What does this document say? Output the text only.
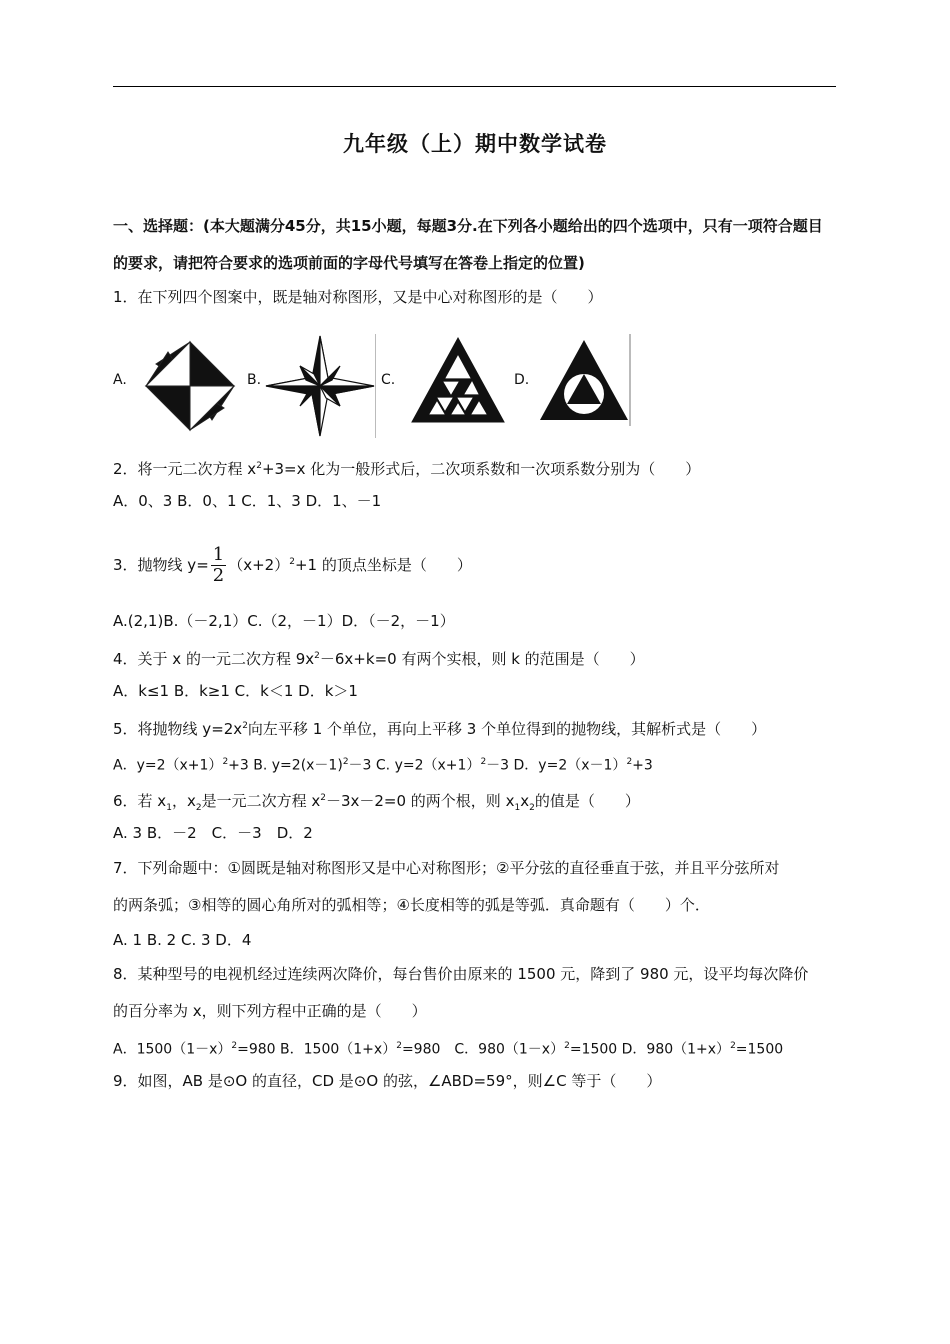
九年级（上）期中数学试卷
一、选择题：(本大题满分45分，共15小题，每题3分.在下列各小题给出的四个选项中，只有一项符合题目的要求，请把符合要求的选项前面的字母代号填写在答卷上指定的位置)
1．在下列四个图案中，既是轴对称图形，又是中心对称图形的是（　　）
A.	B.	C.	D.
2．将一元二次方程 $x^2+3=x$ 化为一般形式后，二次项系数和一次项系数分别为（　　）
A．0、3 B．0、1 C．1、3 D．1、－1
3．抛物线 $y= \frac{1}{2} (x+2)^2+1$ 的顶点坐标是（　　）
A.(2,1)B.（－2,1）C.（2，－1）D．（－2，－1）
4．关于 x 的一元二次方程 $9x^2-6x+k=0$ 有两个实根，则 k 的范围是（　　）
A．k≤1 B．k≥1 C．k＜1 D．k＞1
5．将抛物线 $y=2x^2$向左平移 1 个单位，再向上平移 3 个单位得到的抛物线，其解析式是（　　）
A．$y=2(x+1)^2+3$ B. $y=2(x-1)^2-3$ C. $y=2(x+1)^2-3$ D．$y=2(x-1)^2+3$
6．若 $x_1$，$x_2$是一元二次方程 $x^2-3x-2=0$ 的两个根，则 $x_1x_2$的值是（　　）
A. 3 B．－2　C．－3　D．2
7．下列命题中：①圆既是轴对称图形又是中心对称图形；②平分弦的直径垂直于弦，并且平分弦所对
的两条弧；③相等的圆心角所对的弧相等；④长度相等的弧是等弧．真命题有（　　）个．
A. 1 B. 2 C. 3 D．4
8．某种型号的电视机经过连续两次降价，每台售价由原来的 1500 元，降到了 980 元，设平均每次降价
的百分率为 x，则下列方程中正确的是（　　）
A．$1500(1-x)^2=980$ B．$1500(1+x)^2=980$　C．$980(1-x)^2=1500$ D．$980(1+x)^2=1500$
9．如图，AB 是⊙O 的直径，CD 是⊙O 的弦，∠ABD=59°，则∠C 等于（　　）
